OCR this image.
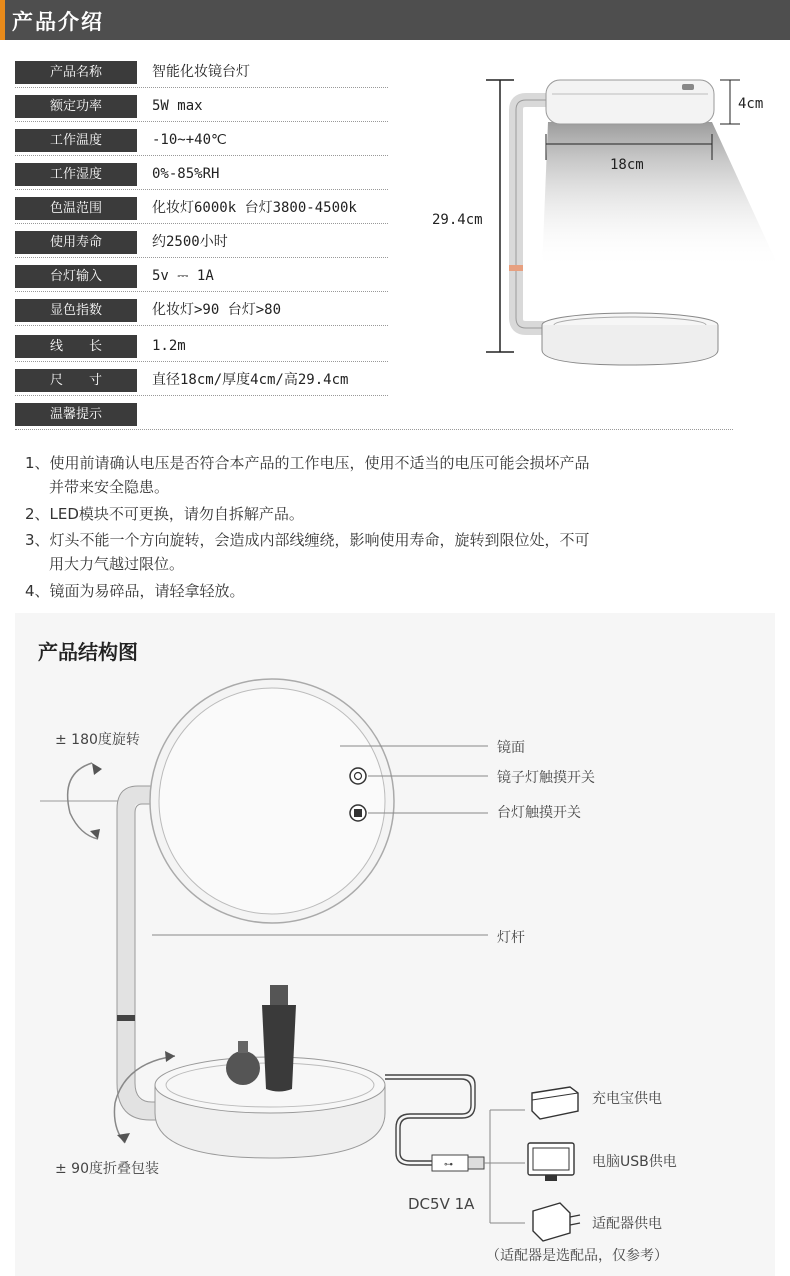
产品介绍
产品名称	智能化妆镜台灯
额定功率	5W max
工作温度	-10~+40℃
工作湿度	0%-85%RH
色温范围	化妆灯6000k 台灯3800-4500k
使用寿命	约2500小时
台灯输入	5v ⎓ 1A
显色指数	化妆灯>90 台灯>80
线　　长	1.2m
尺　　寸	直径18cm/厚度4cm/高29.4cm
温馨提示
29.4cm
4cm
18cm
1、使用前请确认电压是否符合本产品的工作电压，使用不适当的电压可能会损坏产品
并带来安全隐患。
2、LED模块不可更换，请勿自拆解产品。
3、灯头不能一个方向旋转，会造成内部线缠绕，影响使用寿命，旋转到限位处，不可
用大力气越过限位。
4、镜面为易碎品，请轻拿轻放。
产品结构图
⊶
± 180度旋转
± 90度折叠包装
镜面
镜子灯触摸开关
台灯触摸开关
灯杆
充电宝供电
电脑USB供电
适配器供电
DC5V 1A
（适配器是选配品，仅参考）
